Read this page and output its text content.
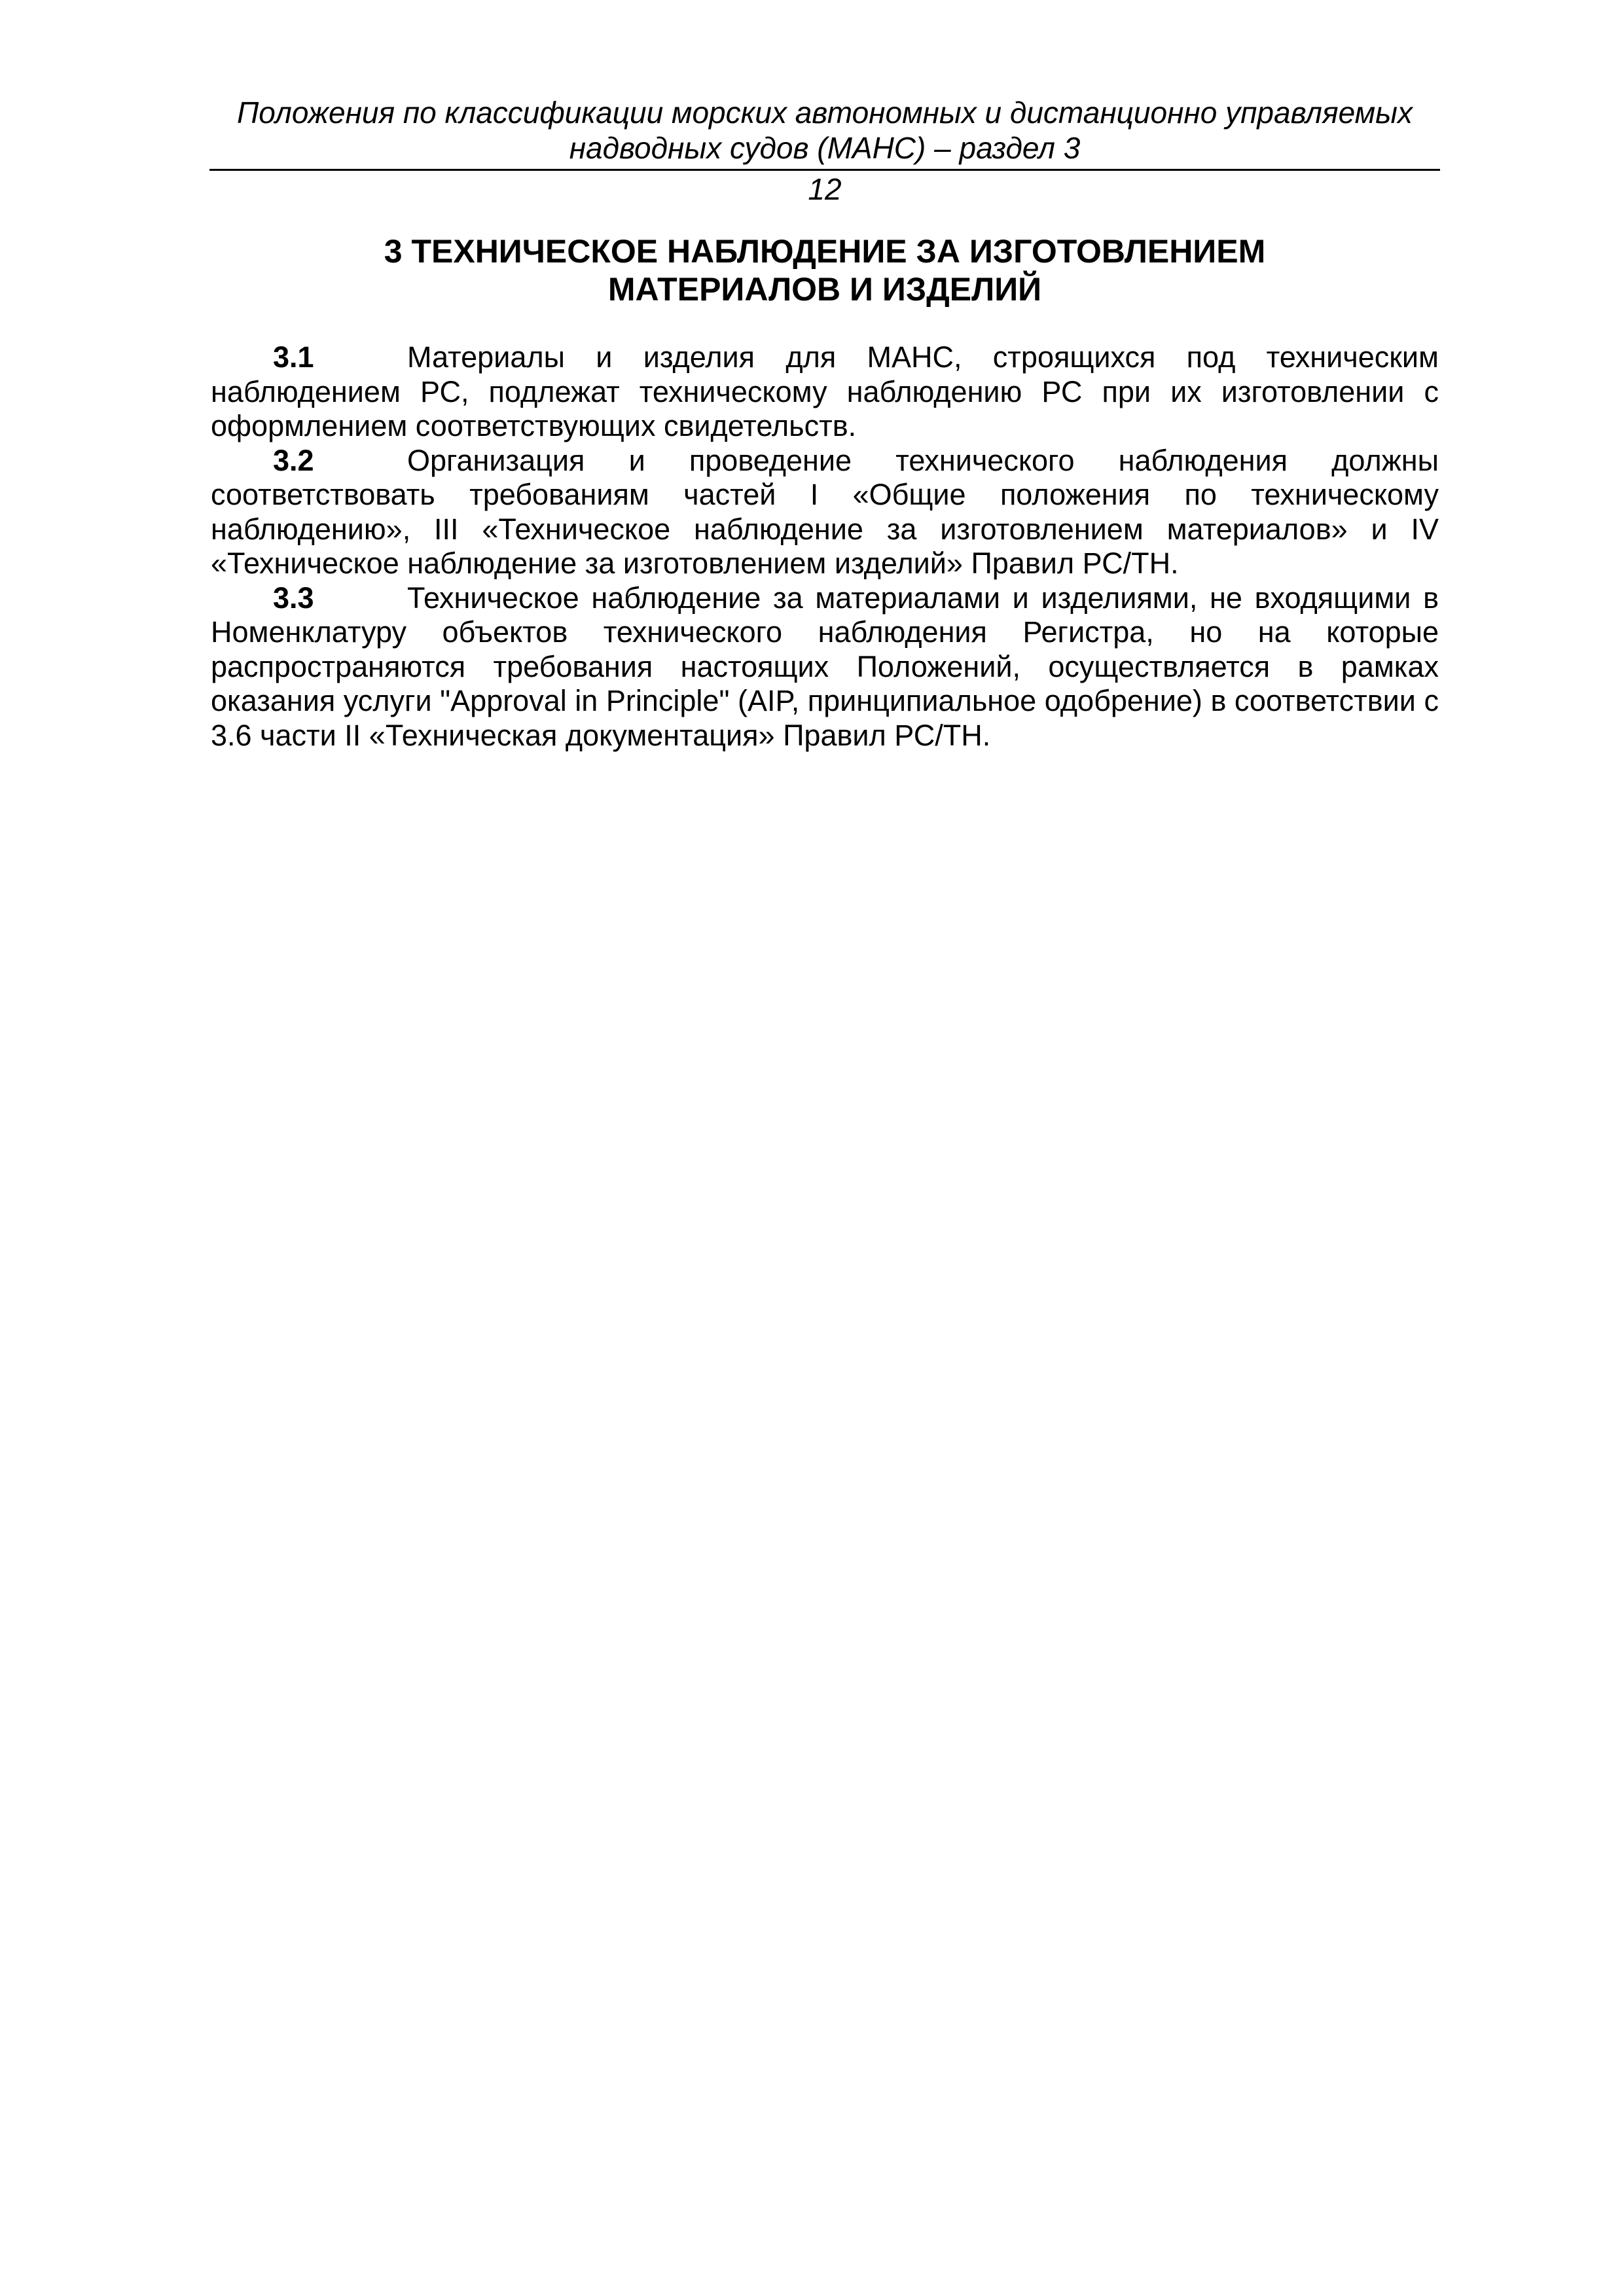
Положения по классификации морских автономных и дистанционно управляемых
надводных судов (МАНС) – раздел 3
12
3 ТЕХНИЧЕСКОЕ НАБЛЮДЕНИЕ ЗА ИЗГОТОВЛЕНИЕМ
МАТЕРИАЛОВ И ИЗДЕЛИЙ

3.1	Материалы и изделия для МАНС, строящихся под техническим наблюдением РС, подлежат техническому наблюдению РС при их изготовлении с оформлением соответствующих свидетельств.

3.2	Организация и проведение технического наблюдения должны соответствовать требованиям частей I «Общие положения по техническому наблюдению», III «Техническое наблюдение за изготовлением материалов» и IV «Техническое наблюдение за изготовлением изделий» Правил РС/ТН.

3.3	Техническое наблюдение за материалами и изделиями, не входящими в Номенклатуру объектов технического наблюдения Регистра, но на которые распространяются требования настоящих Положений, осуществляется в рамках оказания услуги "Approval in Principle" (AIP, принципиальное одобрение) в соответствии с 3.6 части II «Техническая документация» Правил РС/ТН.
